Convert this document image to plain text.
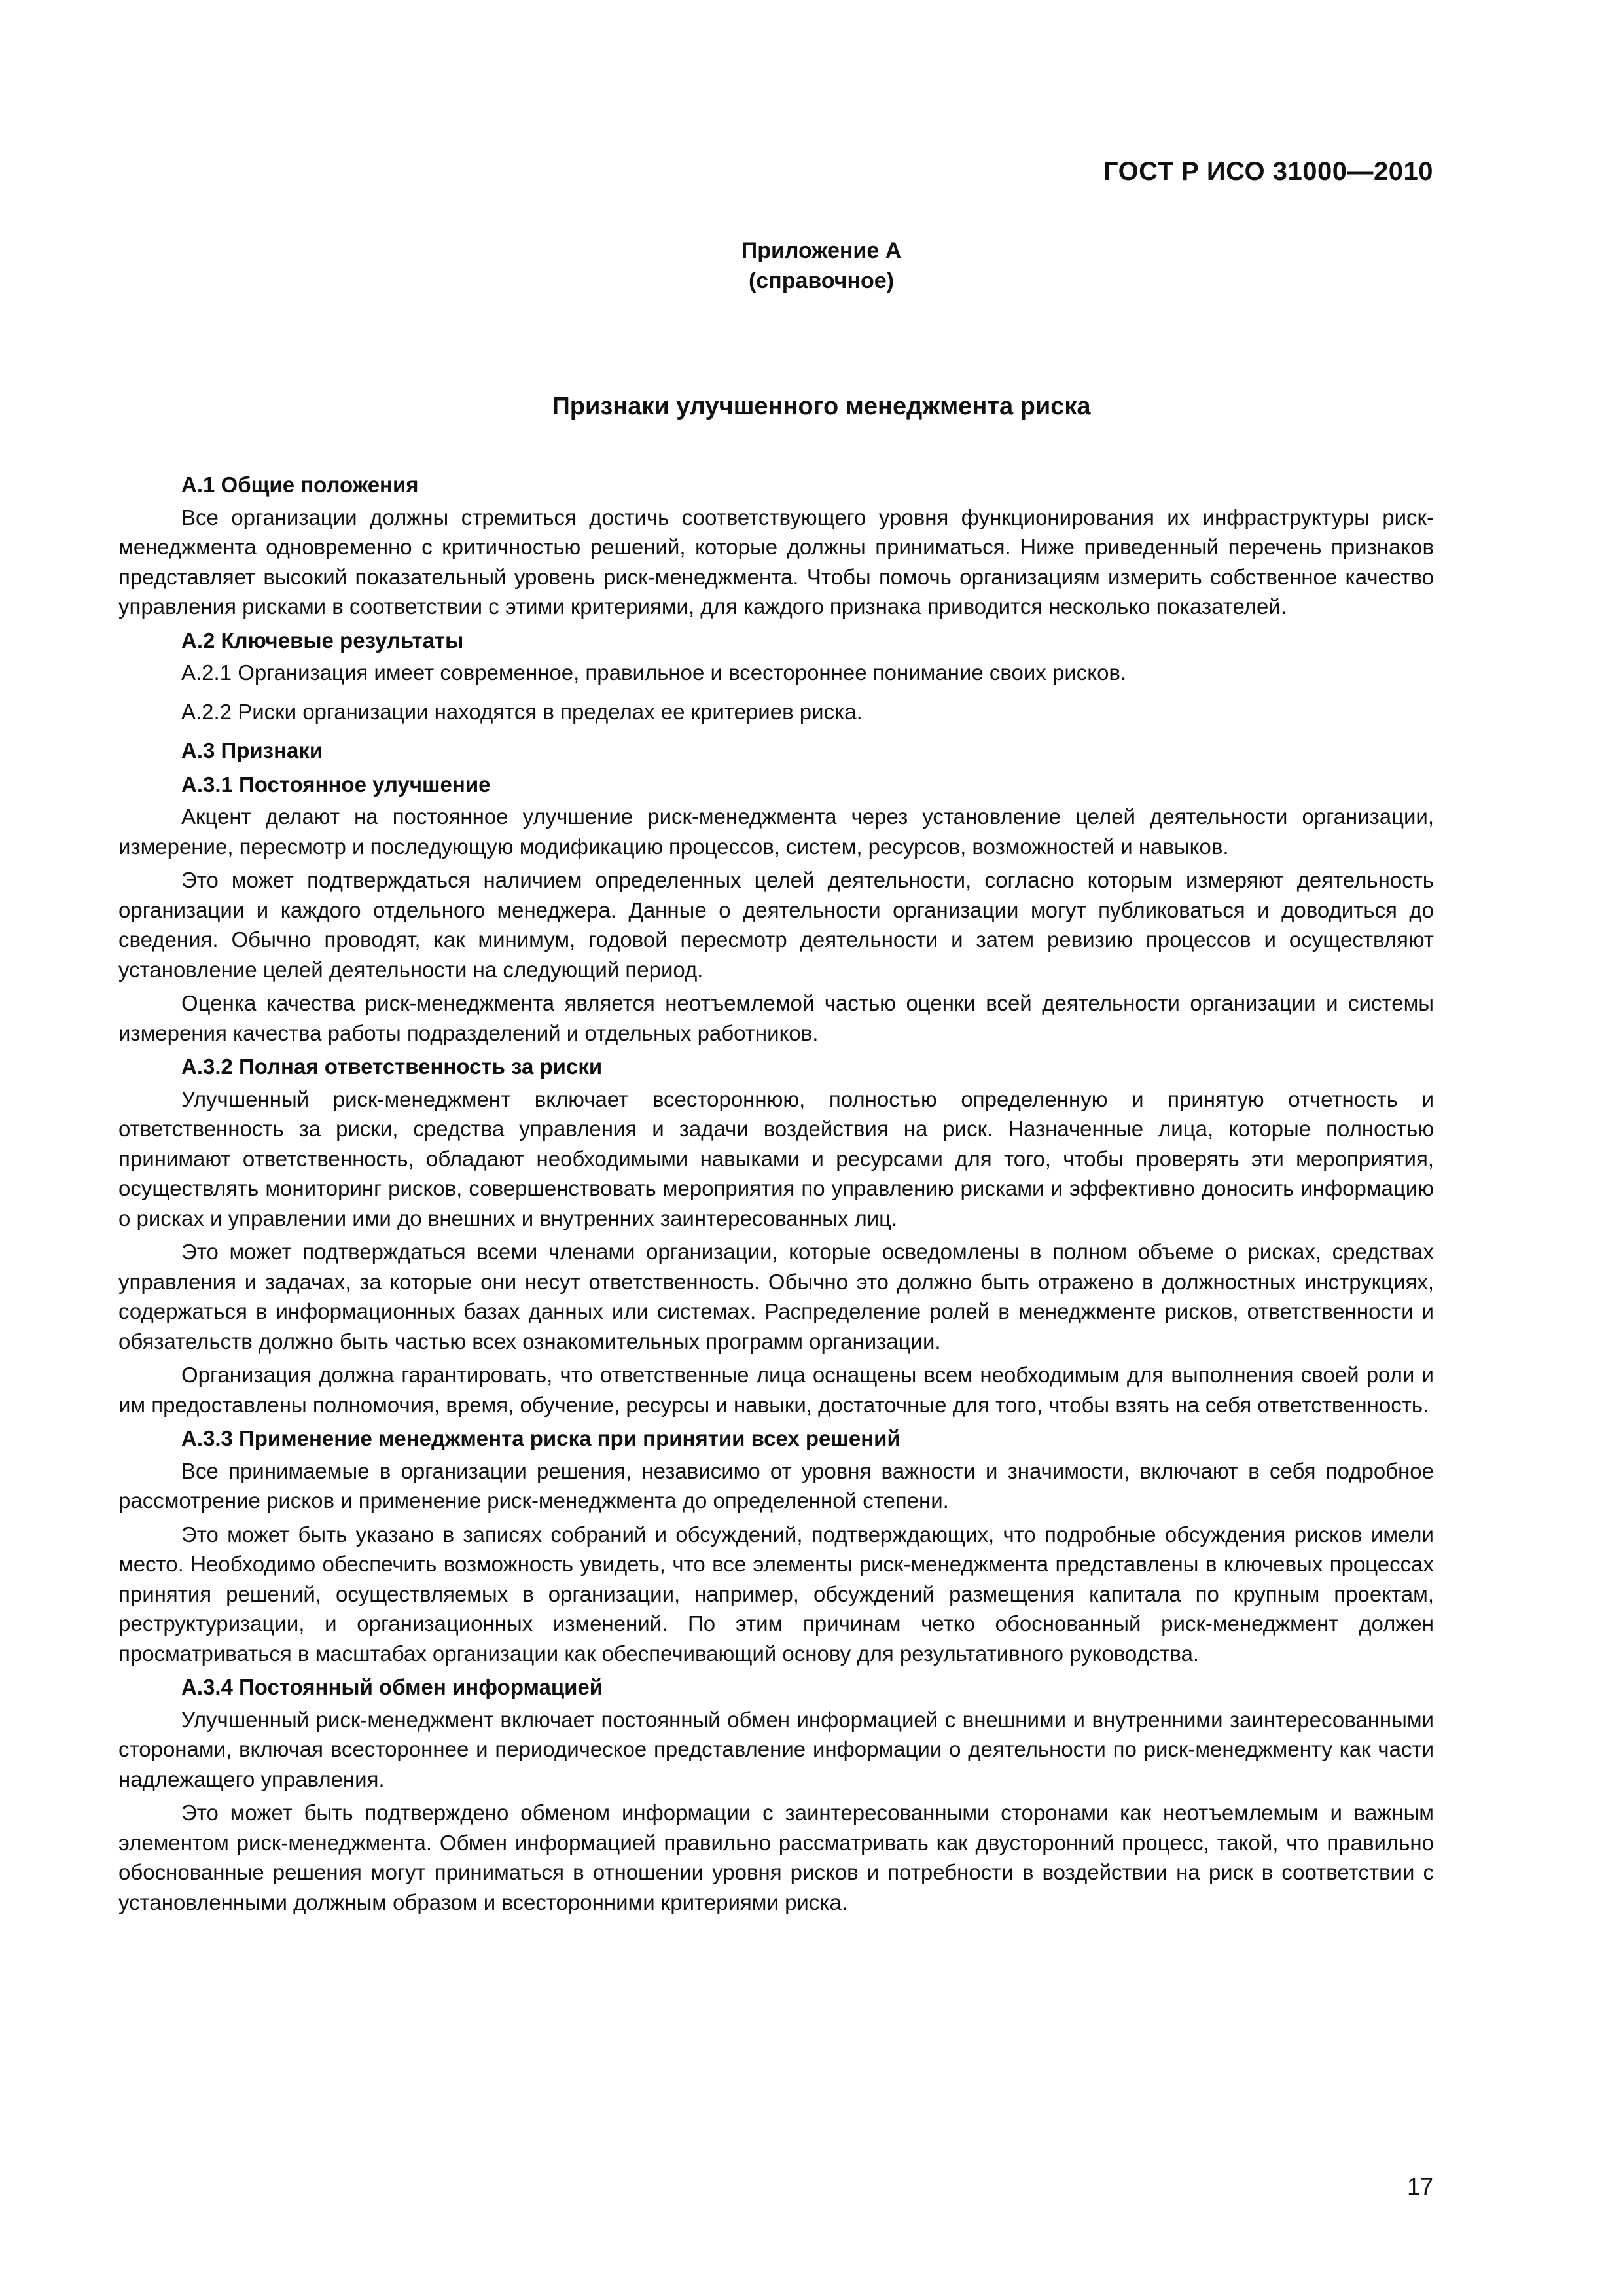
ГОСТ Р ИСО 31000—2010
Приложение А
(справочное)
Признаки улучшенного менеджмента риска
А.1 Общие положения
Все организации должны стремиться достичь соответствующего уровня функционирования их инфраструктуры риск-менеджмента одновременно с критичностью решений, которые должны приниматься. Ниже приведенный перечень признаков представляет высокий показательный уровень риск-менеджмента. Чтобы помочь организациям измерить собственное качество управления рисками в соответствии с этими критериями, для каждого признака приводится несколько показателей.
А.2 Ключевые результаты
А.2.1 Организация имеет современное, правильное и всестороннее понимание своих рисков.
А.2.2 Риски организации находятся в пределах ее критериев риска.
А.3 Признаки
А.3.1 Постоянное улучшение
Акцент делают на постоянное улучшение риск-менеджмента через установление целей деятельности организации, измерение, пересмотр и последующую модификацию процессов, систем, ресурсов, возможностей и навыков.
Это может подтверждаться наличием определенных целей деятельности, согласно которым измеряют деятельность организации и каждого отдельного менеджера. Данные о деятельности организации могут публиковаться и доводиться до сведения. Обычно проводят, как минимум, годовой пересмотр деятельности и затем ревизию процессов и осуществляют установление целей деятельности на следующий период.
Оценка качества риск-менеджмента является неотъемлемой частью оценки всей деятельности организации и системы измерения качества работы подразделений и отдельных работников.
А.3.2 Полная ответственность за риски
Улучшенный риск-менеджмент включает всестороннюю, полностью определенную и принятую отчетность и ответственность за риски, средства управления и задачи воздействия на риск. Назначенные лица, которые полностью принимают ответственность, обладают необходимыми навыками и ресурсами для того, чтобы проверять эти мероприятия, осуществлять мониторинг рисков, совершенствовать мероприятия по управлению рисками и эффективно доносить информацию о рисках и управлении ими до внешних и внутренних заинтересованных лиц.
Это может подтверждаться всеми членами организации, которые осведомлены в полном объеме о рисках, средствах управления и задачах, за которые они несут ответственность. Обычно это должно быть отражено в должностных инструкциях, содержаться в информационных базах данных или системах. Распределение ролей в менеджменте рисков, ответственности и обязательств должно быть частью всех ознакомительных программ организации.
Организация должна гарантировать, что ответственные лица оснащены всем необходимым для выполнения своей роли и им предоставлены полномочия, время, обучение, ресурсы и навыки, достаточные для того, чтобы взять на себя ответственность.
А.3.3 Применение менеджмента риска при принятии всех решений
Все принимаемые в организации решения, независимо от уровня важности и значимости, включают в себя подробное рассмотрение рисков и применение риск-менеджмента до определенной степени.
Это может быть указано в записях собраний и обсуждений, подтверждающих, что подробные обсуждения рисков имели место. Необходимо обеспечить возможность увидеть, что все элементы риск-менеджмента представлены в ключевых процессах принятия решений, осуществляемых в организации, например, обсуждений размещения капитала по крупным проектам, реструктуризации, и организационных изменений. По этим причинам четко обоснованный риск-менеджмент должен просматриваться в масштабах организации как обеспечивающий основу для результативного руководства.
А.3.4 Постоянный обмен информацией
Улучшенный риск-менеджмент включает постоянный обмен информацией с внешними и внутренними заинтересованными сторонами, включая всестороннее и периодическое представление информации о деятельности по риск-менеджменту как части надлежащего управления.
Это может быть подтверждено обменом информации с заинтересованными сторонами как неотъемлемым и важным элементом риск-менеджмента. Обмен информацией правильно рассматривать как двусторонний процесс, такой, что правильно обоснованные решения могут приниматься в отношении уровня рисков и потребности в воздействии на риск в соответствии с установленными должным образом и всесторонними критериями риска.
17
